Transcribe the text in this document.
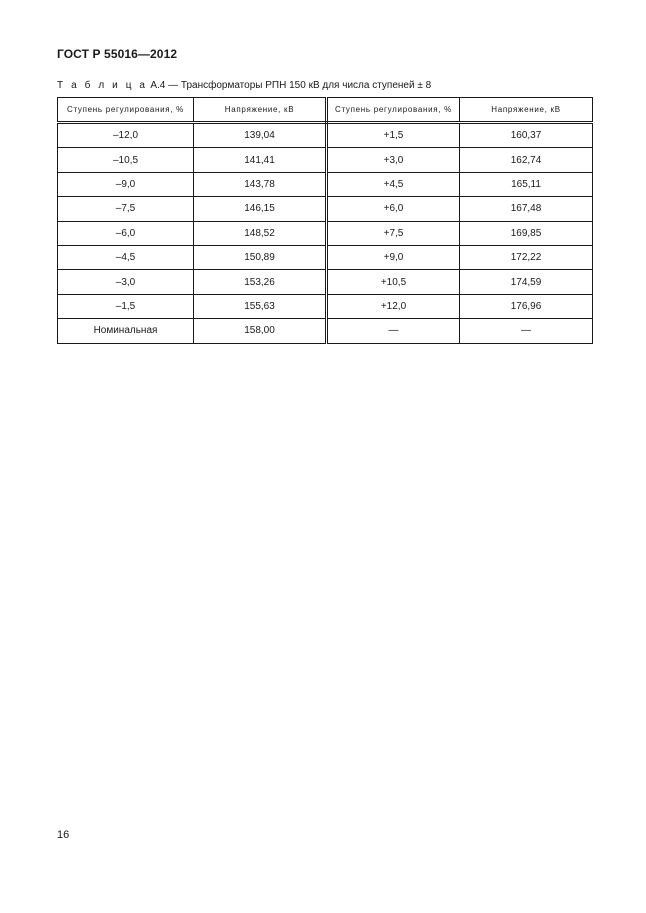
ГОСТ Р 55016—2012
Т а б л и ц а А.4 — Трансформаторы РПН 150 кВ для числа ступеней ± 8
Ступень регулирования, %	Напряжение, кВ	Ступень регулирования, %	Напряжение, кВ
–12,0	139,04	+1,5	160,37
–10,5	141,41	+3,0	162,74
–9,0	143,78	+4,5	165,11
–7,5	146,15	+6,0	167,48
–6,0	148,52	+7,5	169,85
–4,5	150,89	+9,0	172,22
–3,0	153,26	+10,5	174,59
–1,5	155,63	+12,0	176,96
Номинальная	158,00	—	—
16
